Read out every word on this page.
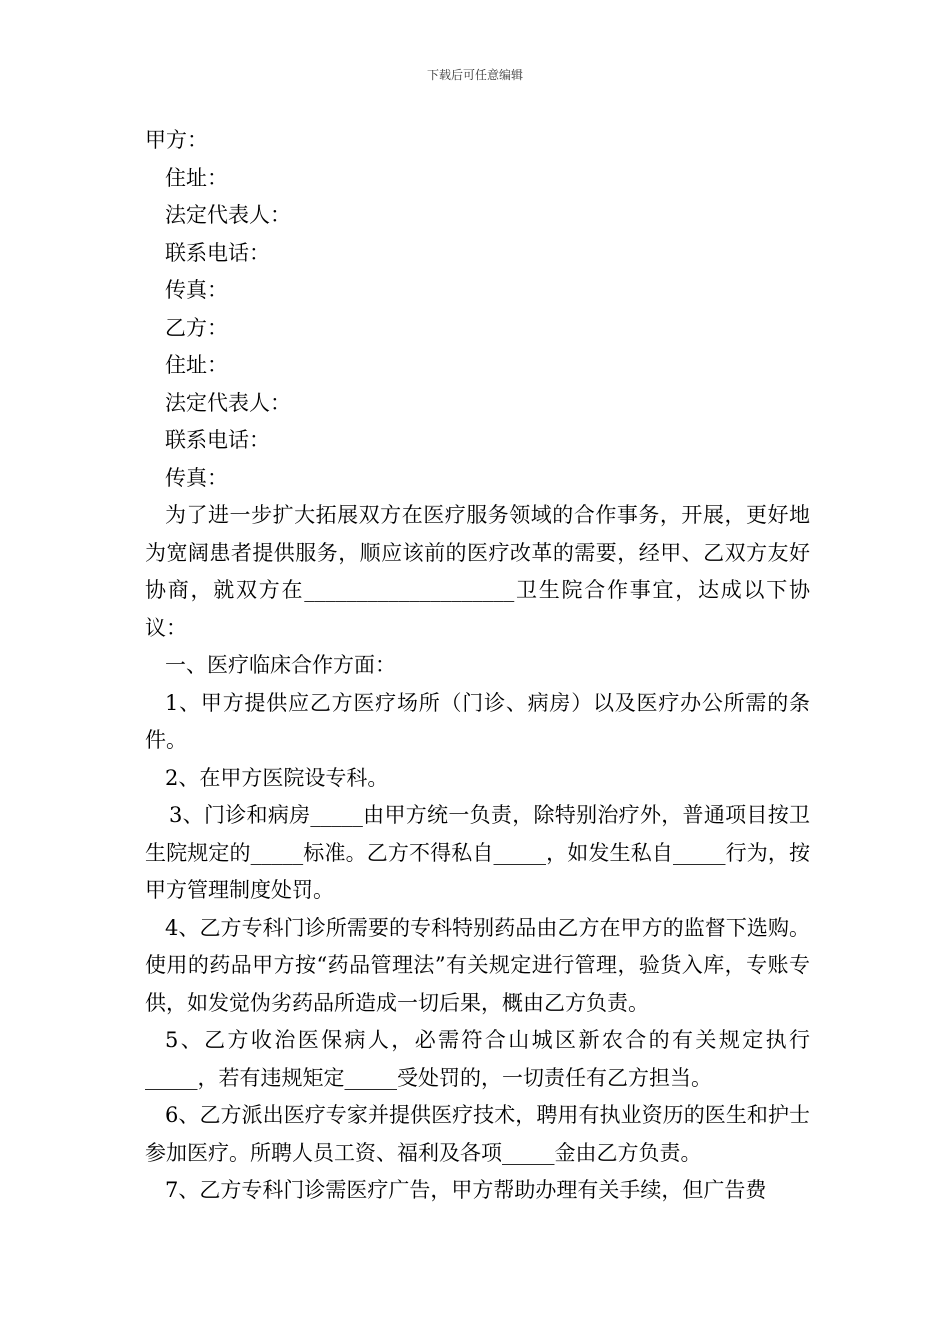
下载后可任意编辑
甲方：
住址：
法定代表人：
联系电话：
传真：
乙方：
住址：
法定代表人：
联系电话：
传真：
为了进一步扩大拓展双方在医疗服务领域的合作事务，开展，更好地为宽阔患者提供服务，顺应该前的医疗改革的需要，经甲、乙双方友好协商，就双方在____________________卫生院合作事宜，达成以下协议：
一、医疗临床合作方面：
1、甲方提供应乙方医疗场所（门诊、病房）以及医疗办公所需的条件。
2、在甲方医院设专科。
3、门诊和病房_____由甲方统一负责，除特别治疗外，普通项目按卫生院规定的_____标准。乙方不得私自_____，如发生私自_____行为，按甲方管理制度处罚。
4、乙方专科门诊所需要的专科特别药品由乙方在甲方的监督下选购。使用的药品甲方按“药品管理法”有关规定进行管理，验货入库，专账专供，如发觉伪劣药品所造成一切后果，概由乙方负责。
5、乙方收治医保病人，必需符合山城区新农合的有关规定执行_____，若有违规矩定_____受处罚的，一切责任有乙方担当。
6、乙方派出医疗专家并提供医疗技术，聘用有执业资历的医生和护士参加医疗。所聘人员工资、福利及各项_____金由乙方负责。
7、乙方专科门诊需医疗广告，甲方帮助办理有关手续，但广告费
